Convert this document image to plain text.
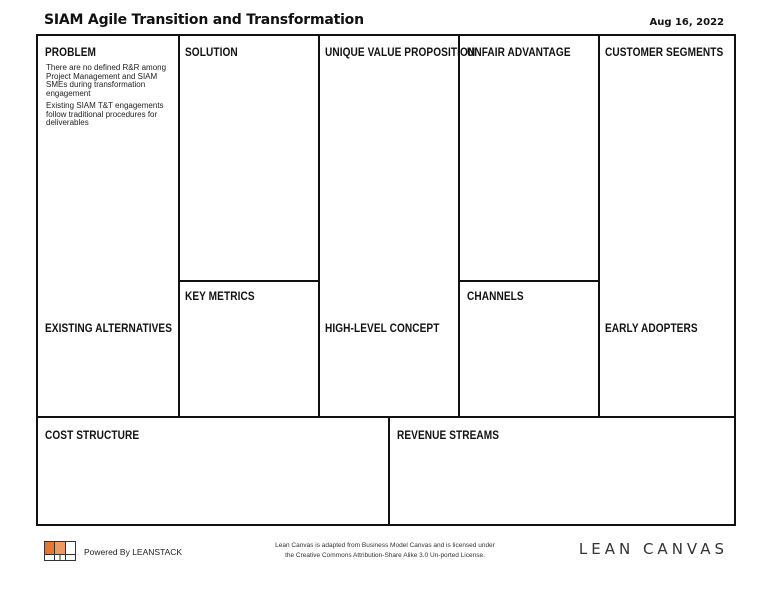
SIAM Agile Transition and Transformation	Aug 16, 2022
PROBLEM

There are no defined R&R among Project Management and SIAM SMEs during transformation engagement

Existing SIAM T&T engagements follow traditional procedures for deliverables

EXISTING ALTERNATIVES
SOLUTION
KEY METRICS
UNIQUE VALUE PROPOSITION
HIGH-LEVEL CONCEPT
UNFAIR ADVANTAGE
CHANNELS
CUSTOMER SEGMENTS
EARLY ADOPTERS
COST STRUCTURE	REVENUE STREAMS
Powered By LEANSTACK
Lean Canvas is adapted from Business Model Canvas and is licensed under
the Creative Commons Attribution-Share Alike 3.0 Un-ported License.	LEAN CANVAS
